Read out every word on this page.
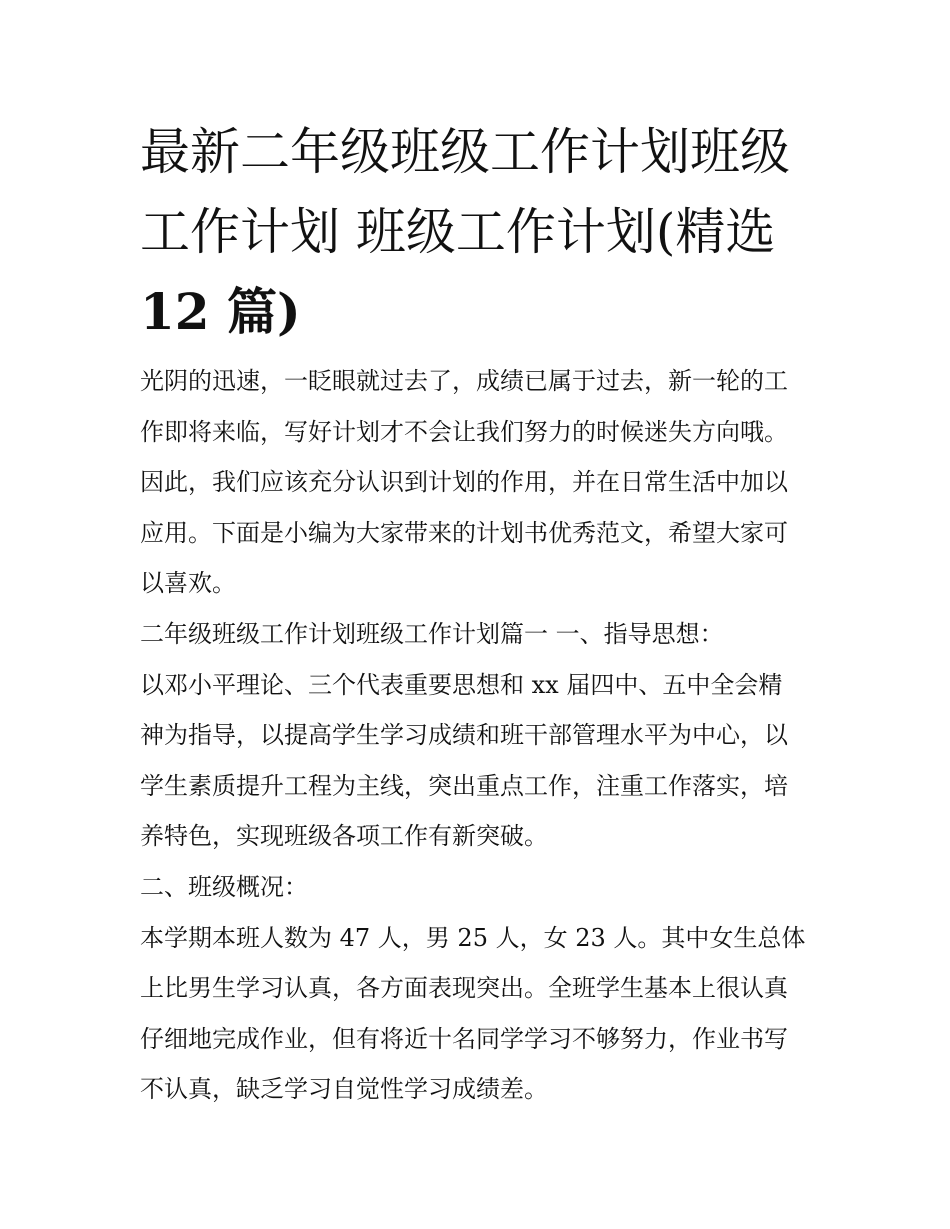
最新二年级班级工作计划班级
工作计划 班级工作计划(精选
12 篇)
光阴的迅速，一眨眼就过去了，成绩已属于过去，新一轮的工
作即将来临，写好计划才不会让我们努力的时候迷失方向哦。
因此，我们应该充分认识到计划的作用，并在日常生活中加以
应用。下面是小编为大家带来的计划书优秀范文，希望大家可
以喜欢。
二年级班级工作计划班级工作计划篇一 一、指导思想：
以邓小平理论、三个代表重要思想和 xx 届四中、五中全会精
神为指导，以提高学生学习成绩和班干部管理水平为中心，以
学生素质提升工程为主线，突出重点工作，注重工作落实，培
养特色，实现班级各项工作有新突破。
二、班级概况：
本学期本班人数为 47 人，男 25 人，女 23 人。其中女生总体
上比男生学习认真，各方面表现突出。全班学生基本上很认真
仔细地完成作业，但有将近十名同学学习不够努力，作业书写
不认真，缺乏学习自觉性学习成绩差。
